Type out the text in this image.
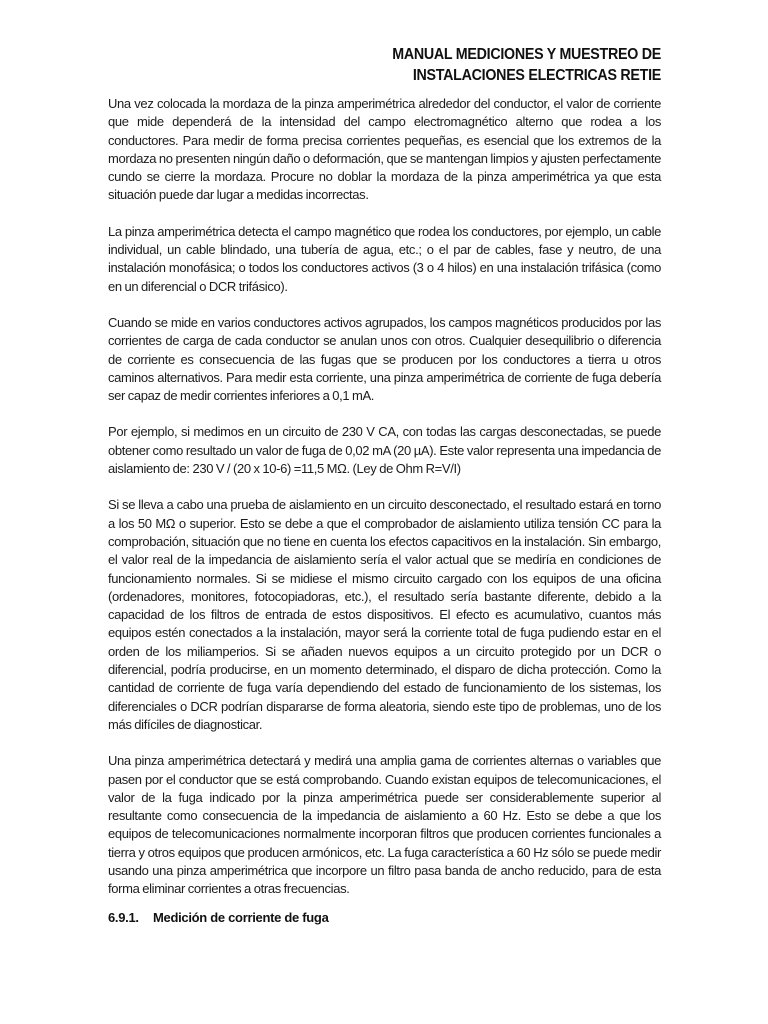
MANUAL MEDICIONES Y MUESTREO DE
INSTALACIONES ELECTRICAS RETIE

Una vez colocada la mordaza de la pinza amperimétrica alrededor del conductor, el valor de corriente que mide dependerá de la intensidad del campo electromagnético alterno que rodea a los conductores. Para medir de forma precisa corrientes pequeñas, es esencial que los extremos de la mordaza no presenten ningún daño o deformación, que se mantengan limpios y ajusten perfectamente cundo se cierre la mordaza. Procure no doblar la mordaza de la pinza amperimétrica ya que esta situación puede dar lugar a medidas incorrectas.

La pinza amperimétrica detecta el campo magnético que rodea los conductores, por ejemplo, un cable individual, un cable blindado, una tubería de agua, etc.; o el par de cables, fase y neutro, de una instalación monofásica; o todos los conductores activos (3 o 4 hilos) en una instalación trifásica (como en un diferencial o DCR trifásico).

Cuando se mide en varios conductores activos agrupados, los campos magnéticos producidos por las corrientes de carga de cada conductor se anulan unos con otros. Cualquier desequilibrio o diferencia de corriente es consecuencia de las fugas que se producen por los conductores a tierra u otros caminos alternativos. Para medir esta corriente, una pinza amperimétrica de corriente de fuga debería ser capaz de medir corrientes inferiores a 0,1 mA.

Por ejemplo, si medimos en un circuito de 230 V CA, con todas las cargas desconectadas, se puede obtener como resultado un valor de fuga de 0,02 mA (20 µA). Este valor representa una impedancia de aislamiento de: 230 V / (20 x 10-6) =11,5 MΩ. (Ley de Ohm R=V/I)

Si se lleva a cabo una prueba de aislamiento en un circuito desconectado, el resultado estará en torno a los 50 MΩ o superior. Esto se debe a que el comprobador de aislamiento utiliza tensión CC para la comprobación, situación que no tiene en cuenta los efectos capacitivos en la instalación. Sin embargo, el valor real de la impedancia de aislamiento sería el valor actual que se mediría en condiciones de funcionamiento normales. Si se midiese el mismo circuito cargado con los equipos de una oficina (ordenadores, monitores, fotocopiadoras, etc.), el resultado sería bastante diferente, debido a la capacidad de los filtros de entrada de estos dispositivos. El efecto es acumulativo, cuantos más equipos estén conectados a la instalación, mayor será la corriente total de fuga pudiendo estar en el orden de los miliamperios. Si se añaden nuevos equipos a un circuito protegido por un DCR o diferencial, podría producirse, en un momento determinado, el disparo de dicha protección. Como la cantidad de corriente de fuga varía dependiendo del estado de funcionamiento de los sistemas, los diferenciales o DCR podrían dispararse de forma aleatoria, siendo este tipo de problemas, uno de los más difíciles de diagnosticar.

Una pinza amperimétrica detectará y medirá una amplia gama de corrientes alternas o variables que pasen por el conductor que se está comprobando. Cuando existan equipos de telecomunicaciones, el valor de la fuga indicado por la pinza amperimétrica puede ser considerablemente superior al resultante como consecuencia de la impedancia de aislamiento a 60 Hz. Esto se debe a que los equipos de telecomunicaciones normalmente incorporan filtros que producen corrientes funcionales a tierra y otros equipos que producen armónicos, etc. La fuga característica a 60 Hz sólo se puede medir usando una pinza amperimétrica que incorpore un filtro pasa banda de ancho reducido, para de esta forma eliminar corrientes a otras frecuencias.

6.9.1. Medición de corriente de fuga
